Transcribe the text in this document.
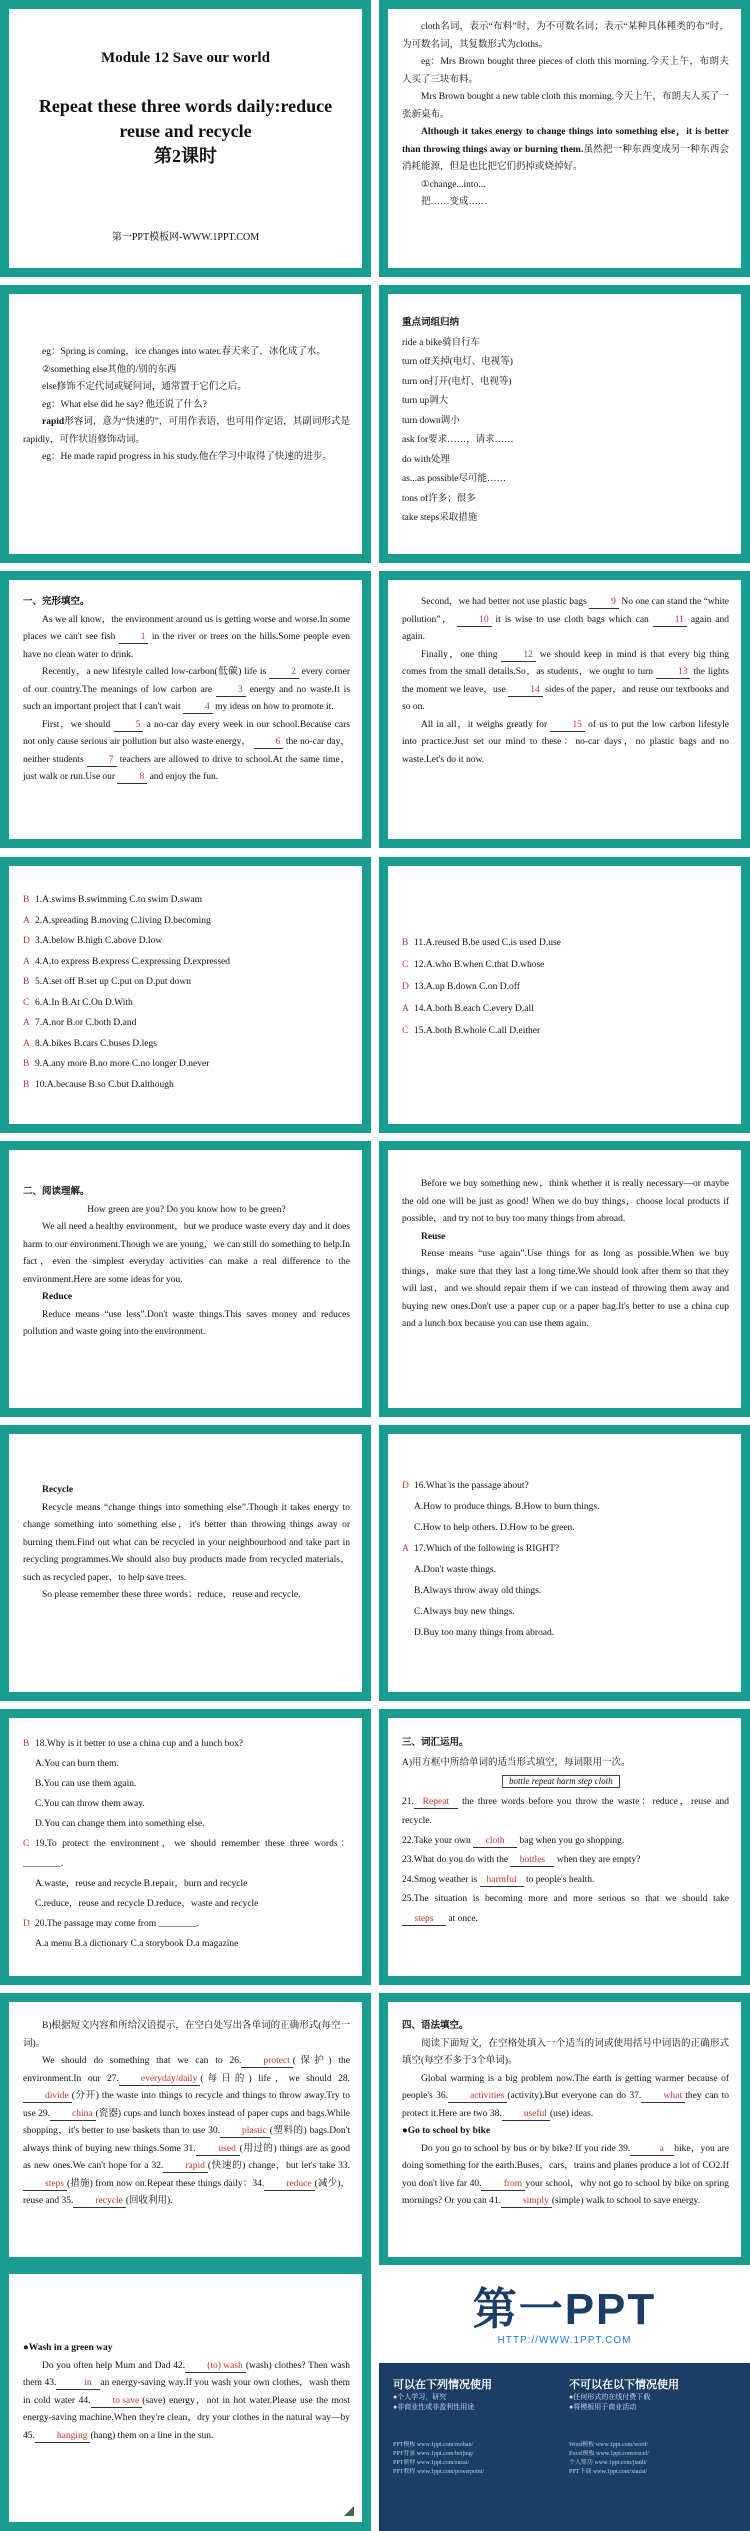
Module 12 Save our world
Repeat these three words daily:reduce
reuse and recycle
第2课时
第一PPT模板网-WWW.1PPT.COM

cloth名词，表示“布料”时，为不可数名词；表示“某种具体種类的布”时，为可数名词，其复数形式为cloths。

eg：Mrs Brown bought three pieces of cloth this morning.今天上午，布朗夫人买了三块布料。

Mrs Brown bought a new table cloth this morning.今天上午，布朗夫人买了一张新桌布。

Although it takes energy to change things into something else，it is better than throwing things away or burning them.虽然把一种东西变成另一种东西会消耗能源，但是也比把它们扔掉或烧掉好。

①change...into...

把……变成……

eg：Spring is coming，ice changes into water.春天来了，冰化成了水。

②something else其他的/别的东西

else修饰不定代词或疑问词，通常置于它们之后。

eg：What else did he say? 他还说了什么?

rapid形容词，意为“快速的”，可用作表语，也可用作定语，其副词形式是rapidly，可作状语修饰动词。

eg：He made rapid progress in his study.他在学习中取得了快速的进步。

重点词组归纳

ride a bike骑自行车

turn off关掉(电灯、电视等)

turn on打开(电灯、电视等)

turn up调大

turn down调小

ask for要求……，请求……

do with处理

as...as possible尽可能……

tons of许多；很多

take steps采取措施

一、完形填空。

As we all know，the environment around us is getting worse and worse.In some places we can't see fish	1 in the river or trees on the hills.Some people even have no clean water to drink.

Recently，a new lifestyle called low-carbon(低碳) life is	2 every corner of our country.The meanings of low carbon are	3 energy and no waste.It is such an important project that I can't wait	4 my ideas on how to promote it.

First，we should	5 a no-car day every week in our school.Because cars not only cause serious air pollution but also waste energy，	6 the no-car day，neither students	7 teachers are allowed to drive to school.At the same time，just walk or run.Use our	8 and enjoy the fun.

Second，we had better not use plastic bags	9 No one can stand the “white pollution”，	10 it is wise to use cloth bags which can	11 again and again.

Finally，one thing	12 we should keep in mind is that every big thing comes from the small details.So，as students，we ought to turn	13 the lights the moment we leave，use	14 sides of the paper，and reuse our textbooks and so on.

All in all，it weighs greatly for	15 of us to put the low carbon lifestyle into practice.Just set our mind to these：no-car days，no plastic bags and no waste.Let's do it now.

B 1.A.swims B.swimming C.to swim D.swam

A 2.A.spreading B.moving C.living D.becoming

D 3.A.below B.high C.above D.low

A 4.A.to express B.express C.expressing D.expressed

B 5.A.set off B.set up C.put on D.put down

C 6.A.In B.At C.On D.With

A 7.A.nor B.or C.both D.and

A 8.A.bikes B.cars C.buses D.legs

B 9.A.any more B.no more C.no longer D.never

B 10.A.because B.so C.but D.although

B 11.A.reused B.be used C.is used D.use

C 12.A.who B.when C.that D.whose

D 13.A.up B.down C.on D.off

A 14.A.both B.each C.every D.all

C 15.A.both B.whole C.all D.either

二、阅读理解。

How green are you? Do you know how to be green?

We all need a healthy environment，but we produce waste every day and it does harm to our environment.Though we are young，we can still do something to help.In fact，even the simplest everyday activities can make a real difference to the environment.Here are some ideas for you.

Reduce

Reduce means “use less”.Don't waste things.This saves money and reduces pollution and waste going into the environment.

Before we buy something new，think whether it is really necessary—or maybe the old one will be just as good! When we do buy things，choose local products if possible，and try not to buy too many things from abroad.

Reuse

Reuse means “use again”.Use things for as long as possible.When we buy things，make sure that they last a long time.We should look after them so that they will last，and we should repair them if we can instead of throwing them away and buying new ones.Don't use a paper cup or a paper bag.It's better to use a china cup and a lunch box because you can use them again.

Recycle

Recycle means “change things into something else”.Though it takes energy to change something into something else，it's better than throwing things away or burning them.Find out what can be recycled in your neighbourhood and take part in recycling programmes.We should also buy products made from recycled materials，such as recycled paper，to help save trees.

So please remember these three words：reduce，reuse and recycle.

D 16.What is the passage about?

A.How to produce things. B.How to burn things.

C.How to help others. D.How to be green.

A 17.Which of the following is RIGHT?

A.Don't waste things.

B.Always throw away old things.

C.Always buy new things.

D.Buy too many things from abroad.

B 18.Why is it better to use a china cup and a lunch box?

A.You can burn them.

B.You can use them again.

C.You can throw them away.

D.You can change them into something else.

C 19.To protect the environment，we should remember these three words：________.

A.waste，reuse and recycle B.repair，burn and recycle

C.reduce，reuse and recycle D.reduce，waste and recycle

D 20.The passage may come from ________.

A.a menu B.a dictionary C.a storybook D.a magazine

三、词汇运用。

A)用方框中所给单词的适当形式填空，每词限用一次。

bottle repeat harm step cloth

21. Repeat the three words before you throw the waste：reduce，reuse and recycle.

22.Take your own cloth bag when you go shopping.

23.What do you do with the bottles when they are empty?

24.Smog weather is harmful to people's health.

25.The situation is becoming more and more serious so that we should take steps at once.

B)根据短文内容和所给汉语提示，在空白处写出各单词的正确形式(每空一词)。

We should do something that we can to 26. protect (保护) the environment.In our 27. everyday/daily (每日的) life，we should 28.divide (分开) the waste into things to recycle and things to throw away.Try to use 29. china (瓷器) cups and lunch boxes instead of paper cups and bags.While shopping，it's better to use baskets than to use 30. plastic (塑料的) bags.Don't always think of buying new things.Some 31. used (用过的) things are as good as new ones.We can't hope for a 32. rapid (快速的) change，but let's take 33.steps (措施) from now on.Repeat these things daily：34. reduce (减少)，reuse and 35. recycle (回收利用).

四、语法填空。

阅读下面短文，在空格处填入一个适当的词或使用括号中词语的正确形式填空(每空不多于3个单词)。

Global warming is a big problem now.The earth is getting warmer because of people's 36. activities (activity).But everyone can do 37. what they can to protect it.Here are two 38. useful (use) ideas.

●Go to school by bike

Do you go to school by bus or by bike? If you ride 39.	a bike，you are doing something for the earth.Buses，cars，trains and planes produce a lot of CO2.If you don't live far 40. from your school，why not go to school by bike on spring mornings? Or you can 41. simply (simple) walk to school to save energy.

●Wash in a green way

Do you often help Mum and Dad 42. (to) wash (wash) clothes? Then wash them 43.	in an energy-saving way.If you wash your own clothes，wash them in cold water 44. to save (save) energy，not in hot water.Please use the most energy-saving machine.When they're clean，dry your clothes in the natural way—by 45. hanging (hang) them on a line in the sun.

第一PPT
HTTP://WWW.1PPT.COM
可以在下列情况使用
●个人学习，研究
●非商业性或非盈利性用途
不可以在以下情况使用
●任何形式的在线付费下载
●将模板用于商业活动
PPT模板 www.1ppt.com/moban/
PPT背景 www.1ppt.com/beijing/
PPT素材 www.1ppt.com/sucai/
PPT教程 www.1ppt.com/powerpoint/
Word模板 www.1ppt.com/word/
Excel模板 www.1ppt.com/excel/
个人简历 www.1ppt.com/jianli/
PPT下载 www.1ppt.com/xiazai/
